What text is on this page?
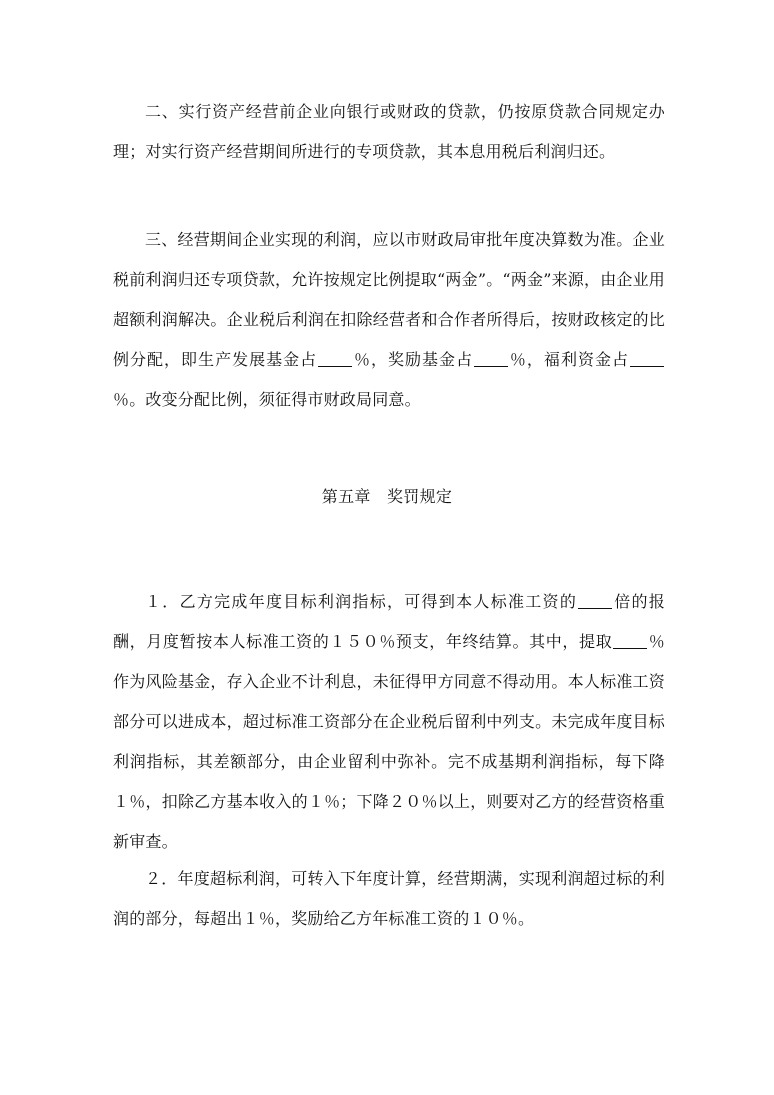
二、实行资产经营前企业向银行或财政的贷款，仍按原贷款合同规定办理；对实行资产经营期间所进行的专项贷款，其本息用税后利润归还。

三、经营期间企业实现的利润，应以市财政局审批年度决算数为准。企业税前利润归还专项贷款，允许按规定比例提取“两金”。“两金”来源，由企业用超额利润解决。企业税后利润在扣除经营者和合作者所得后，按财政核定的比例分配，即生产发展基金占 ％，奖励基金占 ％，福利资金占％。改变分配比例，须征得市财政局同意。

第五章　奖罚规定

１．乙方完成年度目标利润指标，可得到本人标准工资的 倍的报酬，月度暂按本人标准工资的１５０％预支，年终结算。其中，提取 ％作为风险基金，存入企业不计利息，未征得甲方同意不得动用。本人标准工资部分可以进成本，超过标准工资部分在企业税后留利中列支。未完成年度目标利润指标，其差额部分，由企业留利中弥补。完不成基期利润指标，每下降１％，扣除乙方基本收入的１％；下降２０％以上，则要对乙方的经营资格重新审查。

２．年度超标利润，可转入下年度计算，经营期满，实现利润超过标的利润的部分，每超出１％，奖励给乙方年标准工资的１０％。
